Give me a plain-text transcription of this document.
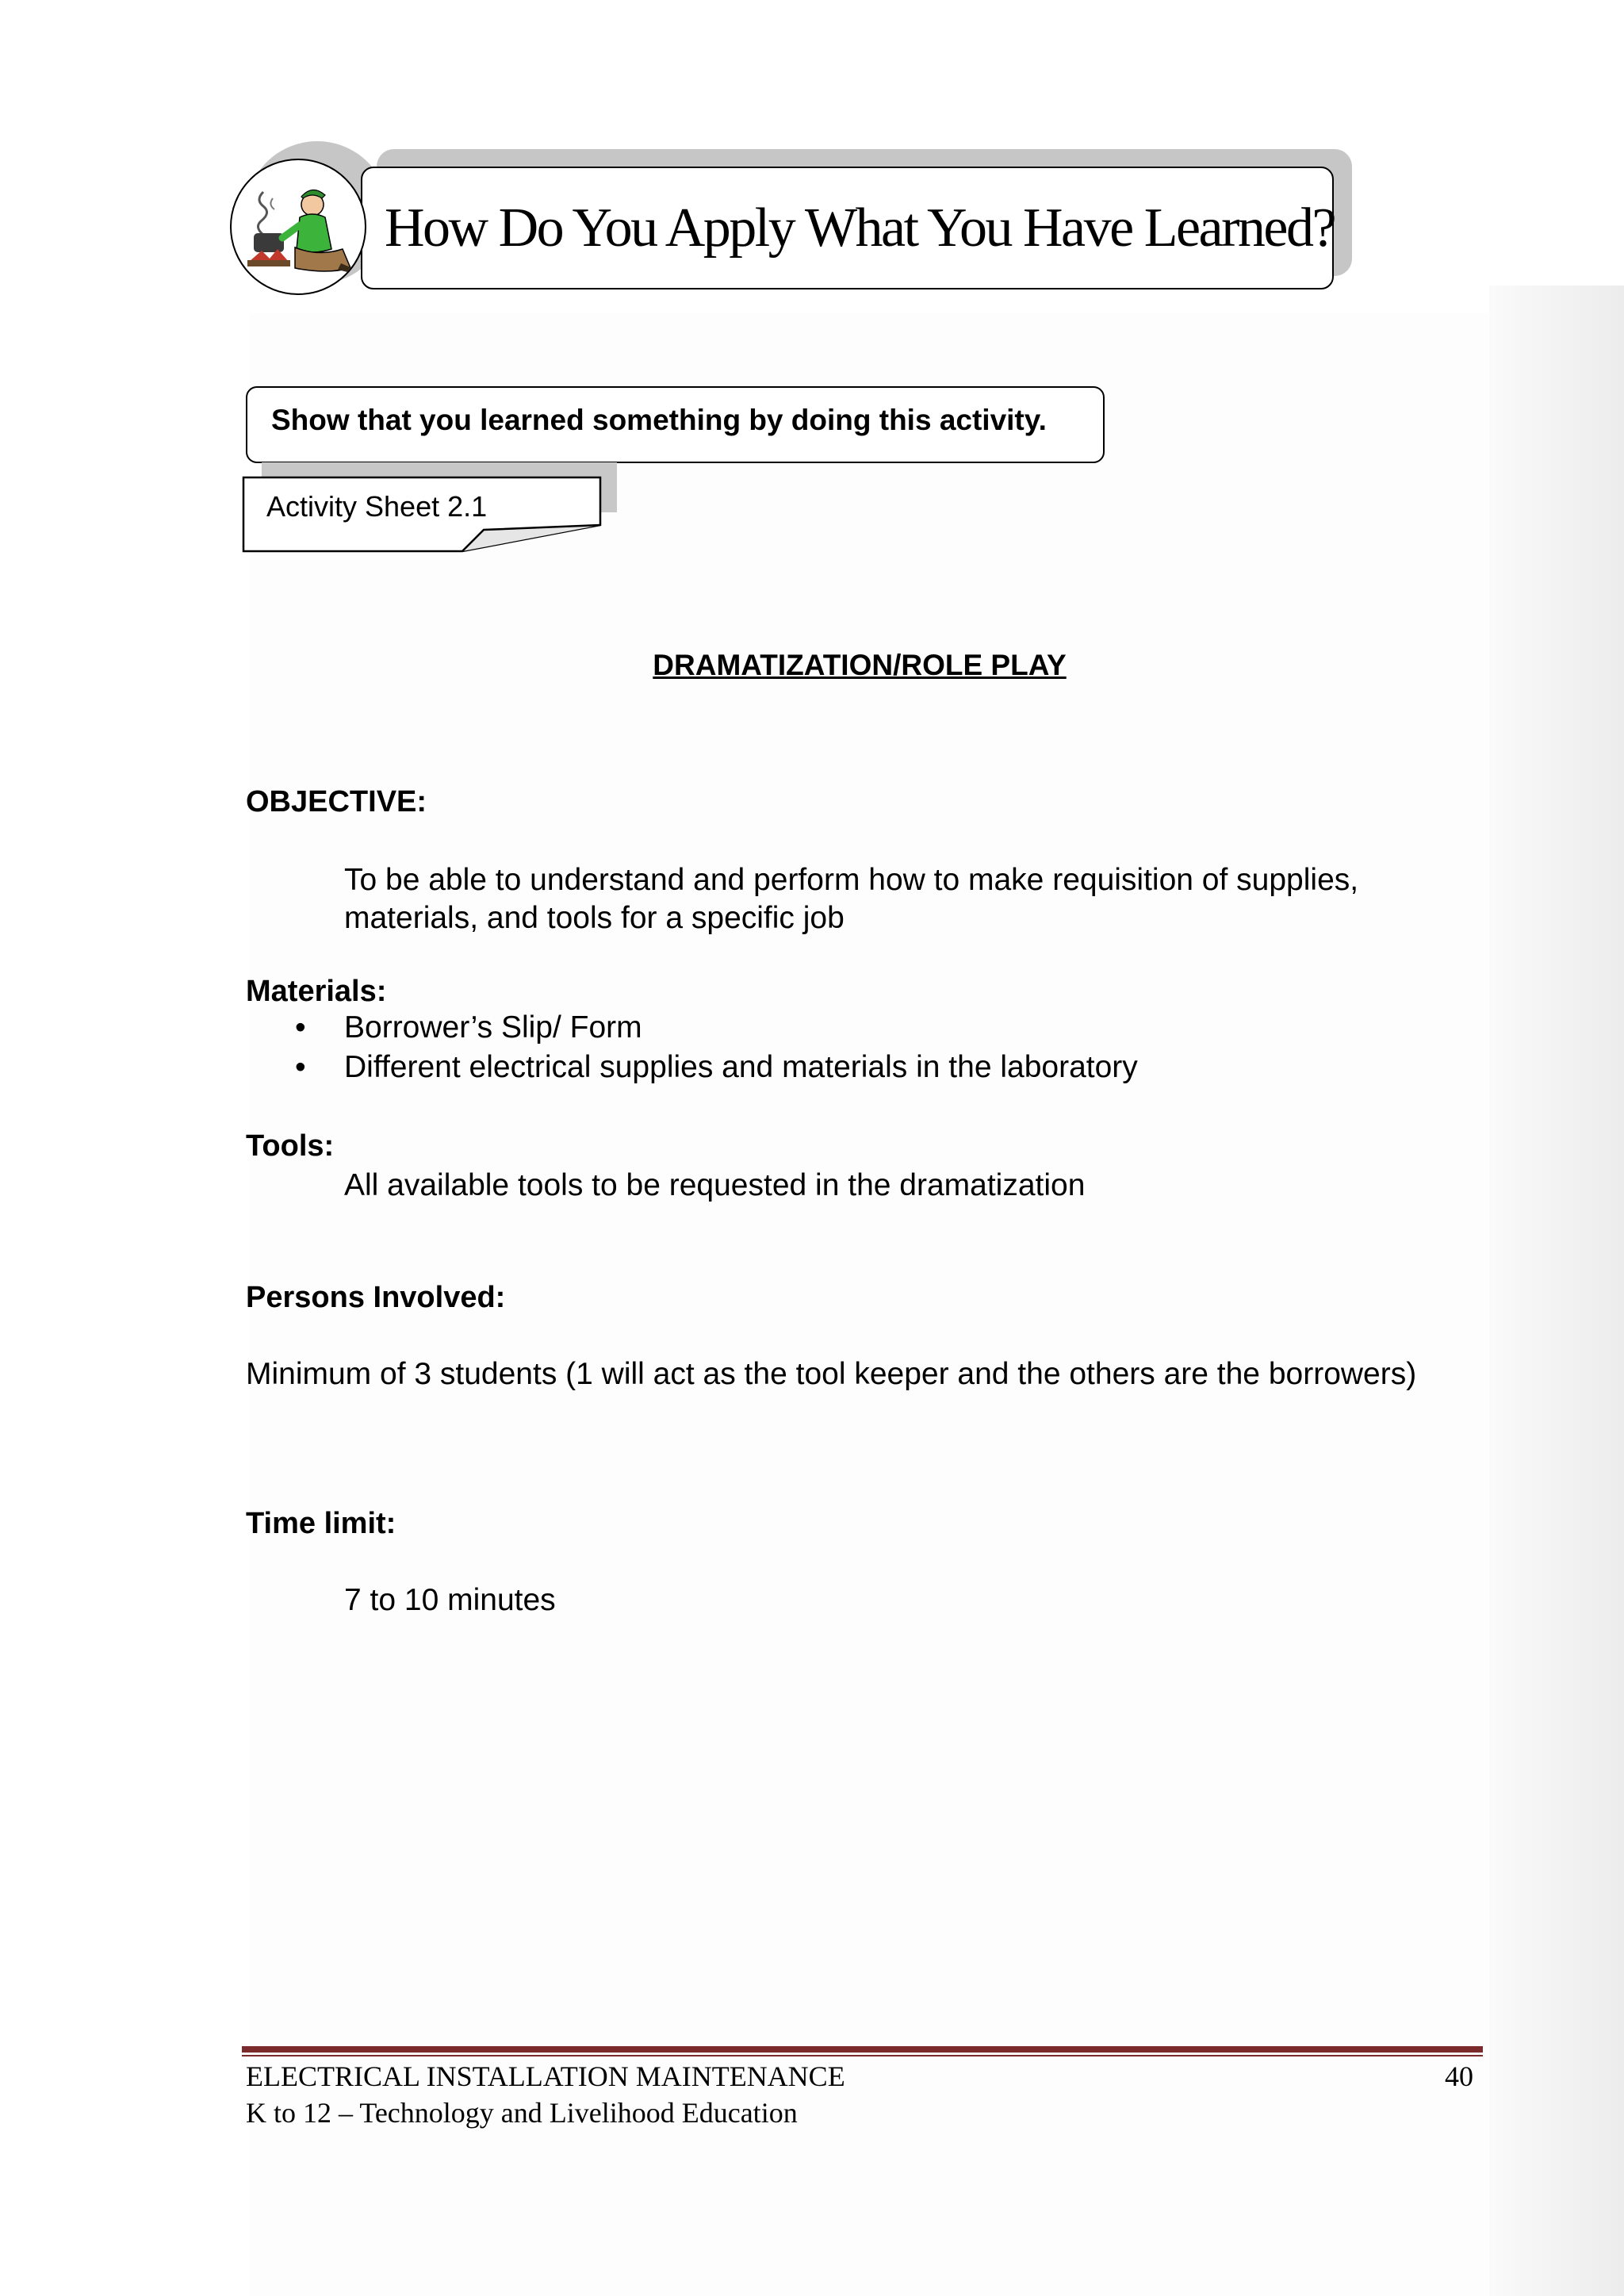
How Do You Apply What You Have Learned?
Show that you learned something by doing this activity.
Activity Sheet 2.1
DRAMATIZATION/ROLE PLAY
OBJECTIVE:
To be able to understand and perform how to make requisition of supplies, materials, and tools for a specific job
Materials:
• Borrower’s Slip/ Form
• Different electrical supplies and materials in the laboratory
Tools:
All available tools to be requested in the dramatization
Persons Involved:
Minimum of 3 students (1 will act as the tool keeper and the others are the borrowers)
Time limit:
7 to 10 minutes
ELECTRICAL INSTALLATION MAINTENANCE
K to 12 – Technology and Livelihood Education
40
